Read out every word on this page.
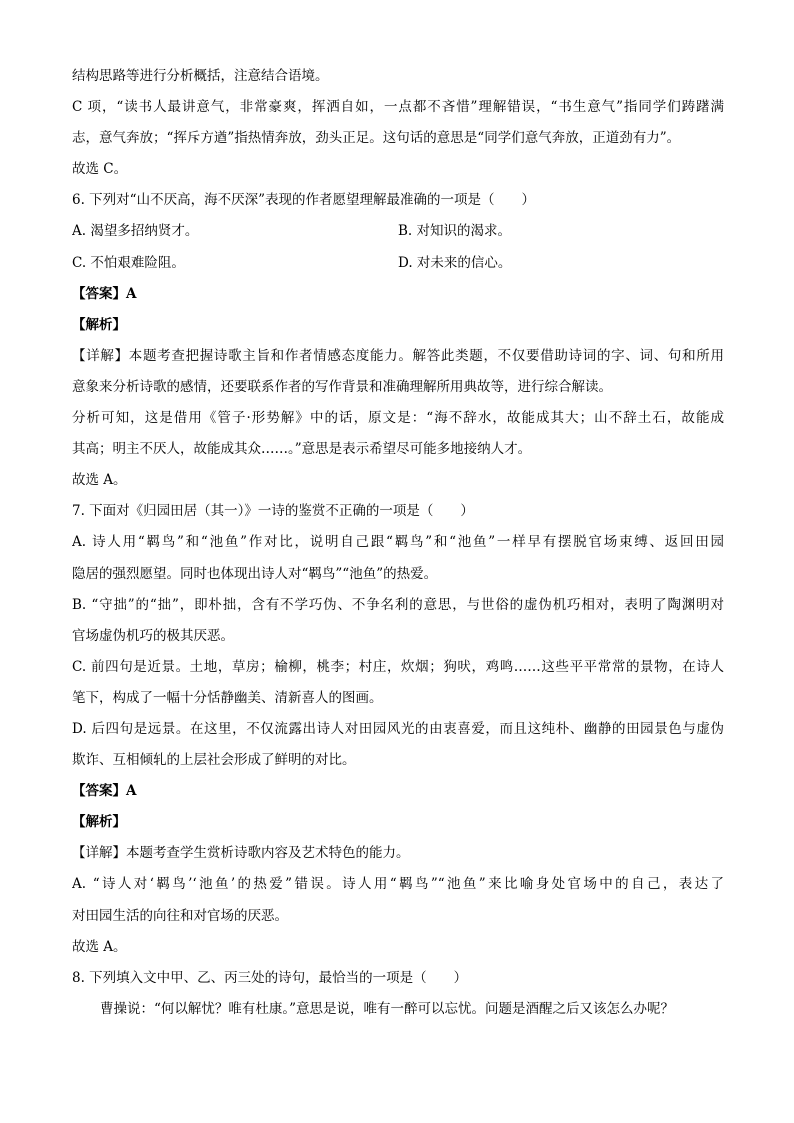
结构思路等进行分析概括，注意结合语境。
C 项，“读书人最讲意气，非常豪爽，挥洒自如，一点都不吝惜”理解错误，“书生意气”指同学们踌躇满
志，意气奔放；“挥斥方遒”指热情奔放，劲头正足。这句话的意思是“同学们意气奔放，正道劲有力”。
故选 C。
6. 下列对“山不厌高，海不厌深”表现的作者愿望理解最准确的一项是（　　）
A. 渴望多招纳贤才。	B. 对知识的渴求。
C. 不怕艰难险阻。	D. 对未来的信心。
【答案】A
【解析】
【详解】本题考查把握诗歌主旨和作者情感态度能力。解答此类题，不仅要借助诗词的字、词、句和所用
意象来分析诗歌的感情，还要联系作者的写作背景和准确理解所用典故等，进行综合解读。
分析可知，这是借用《管子·形势解》中的话，原文是：“海不辞水，故能成其大；山不辞土石，故能成
其高；明主不厌人，故能成其众……。”意思是表示希望尽可能多地接纳人才。
故选 A。
7. 下面对《归园田居（其一）》一诗的鉴赏不正确的一项是（　　）
A. 诗人用“羁鸟”和“池鱼”作对比，说明自己跟“羁鸟”和“池鱼”一样早有摆脱官场束缚、返回田园
隐居的强烈愿望。同时也体现出诗人对“羁鸟”“池鱼”的热爱。
B. “守拙”的“拙”，即朴拙，含有不学巧伪、不争名利的意思，与世俗的虚伪机巧相对，表明了陶渊明对
官场虚伪机巧的极其厌恶。
C. 前四句是近景。土地，草房；榆柳，桃李；村庄，炊烟；狗吠，鸡鸣……这些平平常常的景物，在诗人
笔下，构成了一幅十分恬静幽美、清新喜人的图画。
D. 后四句是远景。在这里，不仅流露出诗人对田园风光的由衷喜爱，而且这纯朴、幽静的田园景色与虚伪
欺诈、互相倾轧的上层社会形成了鲜明的对比。
【答案】A
【解析】
【详解】本题考查学生赏析诗歌内容及艺术特色的能力。
A. “诗人对‘羁鸟’‘池鱼’的热爱”错误。诗人用“羁鸟”“池鱼”来比喻身处官场中的自己，表达了
对田园生活的向往和对官场的厌恶。
故选 A。
8. 下列填入文中甲、乙、丙三处的诗句，最恰当的一项是（　　）
曹操说：“何以解忧？唯有杜康。”意思是说，唯有一醉可以忘忧。问题是酒醒之后又该怎么办呢？
